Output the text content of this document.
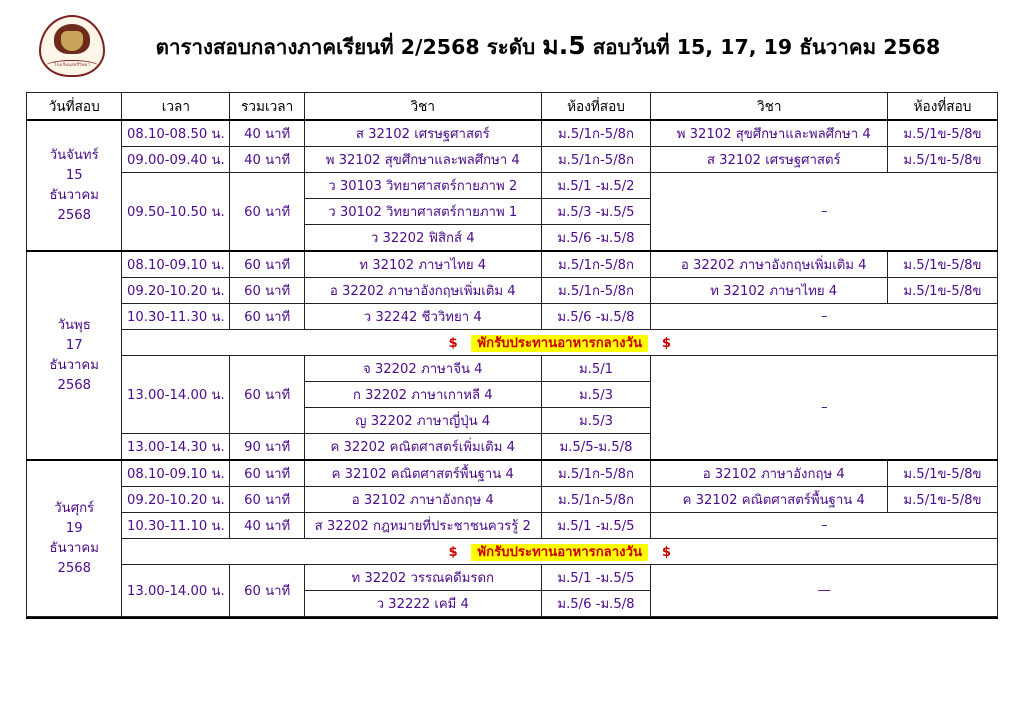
โรงเรียนสตรีวิทยา
ตารางสอบกลางภาคเรียนที่ 2/2568 ระดับ ม.5 สอบวันที่ 15, 17, 19 ธันวาคม 2568
วันที่สอบ	เวลา	รวมเวลา	วิชา	ห้องที่สอบ	วิชา	ห้องที่สอบ

วันจันทร์
15
ธันวาคม
2568	08.10-08.50 น.	40 นาที	ส 32102 เศรษฐศาสตร์	ม.5/1ก-5/8ก	พ 32102 สุขศึกษาและพลศึกษา 4	ม.5/1ข-5/8ข
	09.00-09.40 น.	40 นาที	พ 32102 สุขศึกษาและพลศึกษา 4	ม.5/1ก-5/8ก	ส 32102 เศรษฐศาสตร์	ม.5/1ข-5/8ข
	09.50-10.50 น.	60 นาที	ว 30103 วิทยาศาสตร์กายภาพ 2	ม.5/1 -ม.5/2	–	
			ว 30102 วิทยาศาสตร์กายภาพ 1	ม.5/3 -ม.5/5		
			ว 32202 ฟิสิกส์ 4	ม.5/6 -ม.5/8		

วันพุธ
17
ธันวาคม
2568	08.10-09.10 น.	60 นาที	ท 32102 ภาษาไทย 4	ม.5/1ก-5/8ก	อ 32202 ภาษาอังกฤษเพิ่มเติม 4	ม.5/1ข-5/8ข
	09.20-10.20 น.	60 นาที	อ 32202 ภาษาอังกฤษเพิ่มเติม 4	ม.5/1ก-5/8ก	ท 32102 ภาษาไทย 4	ม.5/1ข-5/8ข
	10.30-11.30 น.	60 นาที	ว 32242 ชีววิทยา 4	ม.5/6 -ม.5/8	–	
	$ พักรับประทานอาหารกลางวัน $					
	13.00-14.00 น.	60 นาที	จ 32202 ภาษาจีน 4	ม.5/1	–	
			ก 32202 ภาษาเกาหลี 4	ม.5/3		
			ญ 32202 ภาษาญี่ปุ่น 4	ม.5/3		
	13.00-14.30 น.	90 นาที	ค 32202 คณิตศาสตร์เพิ่มเติม 4	ม.5/5-ม.5/8		

วันศุกร์
19
ธันวาคม
2568	08.10-09.10 น.	60 นาที	ค 32102 คณิตศาสตร์พื้นฐาน 4	ม.5/1ก-5/8ก	อ 32102 ภาษาอังกฤษ 4	ม.5/1ข-5/8ข
	09.20-10.20 น.	60 นาที	อ 32102 ภาษาอังกฤษ 4	ม.5/1ก-5/8ก	ค 32102 คณิตศาสตร์พื้นฐาน 4	ม.5/1ข-5/8ข
	10.30-11.10 น.	40 นาที	ส 32202 กฎหมายที่ประชาชนควรรู้ 2	ม.5/1 -ม.5/5	–	
	$ พักรับประทานอาหารกลางวัน $					
	13.00-14.00 น.	60 นาที	ท 32202 วรรณคดีมรดก	ม.5/1 -ม.5/5	—	
			ว 32222 เคมี 4	ม.5/6 -ม.5/8		
